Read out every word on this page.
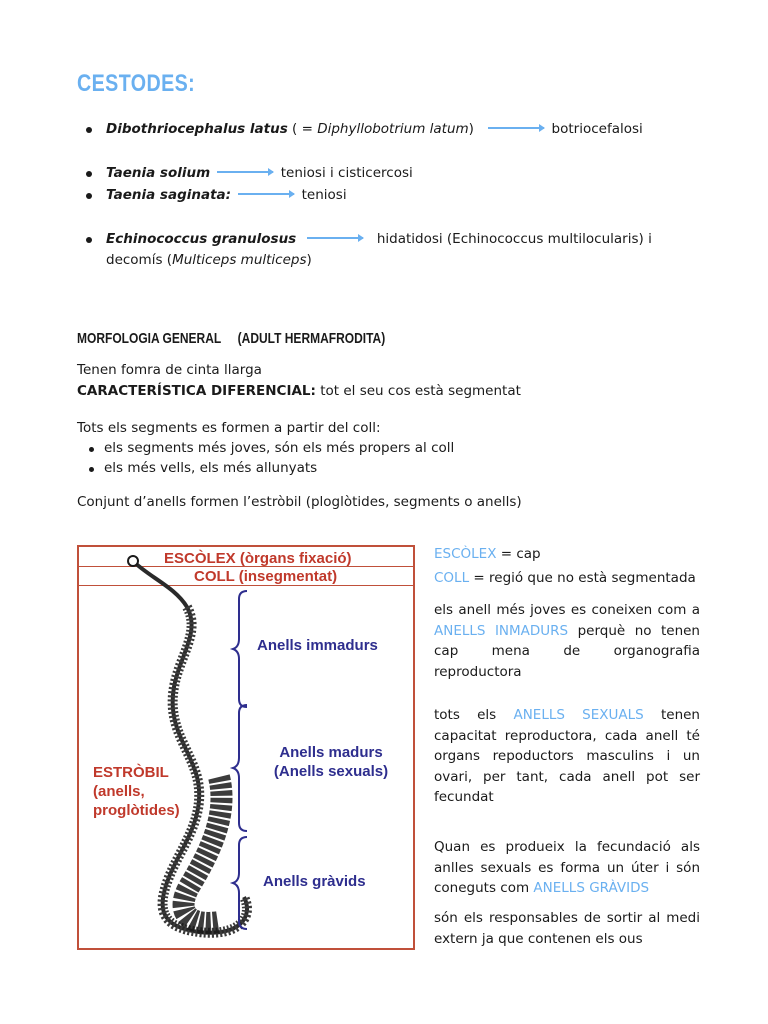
CESTODES:
Dibothriocephalus latus ( = Diphyllobotrium latum)	botriocefalosi
Taenia solium	teniosi i cisticercosi
Taenia saginata:	teniosi
Echinococcus granulosus	hidatidosi (Echinococcus multilocularis) i
decomís (Multiceps multiceps)
MORFOLOGIA GENERAL     (ADULT HERMAFRODITA)
Tenen fomra de cinta llarga
CARACTERÍSTICA DIFERENCIAL: tot el seu cos està segmentat
Tots els segments es formen a partir del coll:
els segments més joves, són els més propers al coll
els més vells, els més allunyats
Conjunt d’anells formen l’estròbil (ploglòtides, segments o anells)
ESCÒLEX (òrgans fixació)
COLL (insegmentat)
Anells immadurs
Anells madurs
(Anells sexuals)
ESTRÒBIL
(anells,
proglòtides)
Anells gràvids
ESCÒLEX = cap
COLL = regió que no està segmentada
els anell més joves es coneixen com a ANELLS INMADURS perquè no tenen cap mena de organografia reproductora
tots els ANELLS SEXUALS tenen capacitat reproductora, cada anell té organs repoductors masculins i un ovari, per tant, cada anell pot ser fecundat
Quan es produeix la fecundació als anlles sexuals es forma un úter i són coneguts com ANELLS GRÀVIDS
són els responsables de sortir al medi extern ja que contenen els ous
